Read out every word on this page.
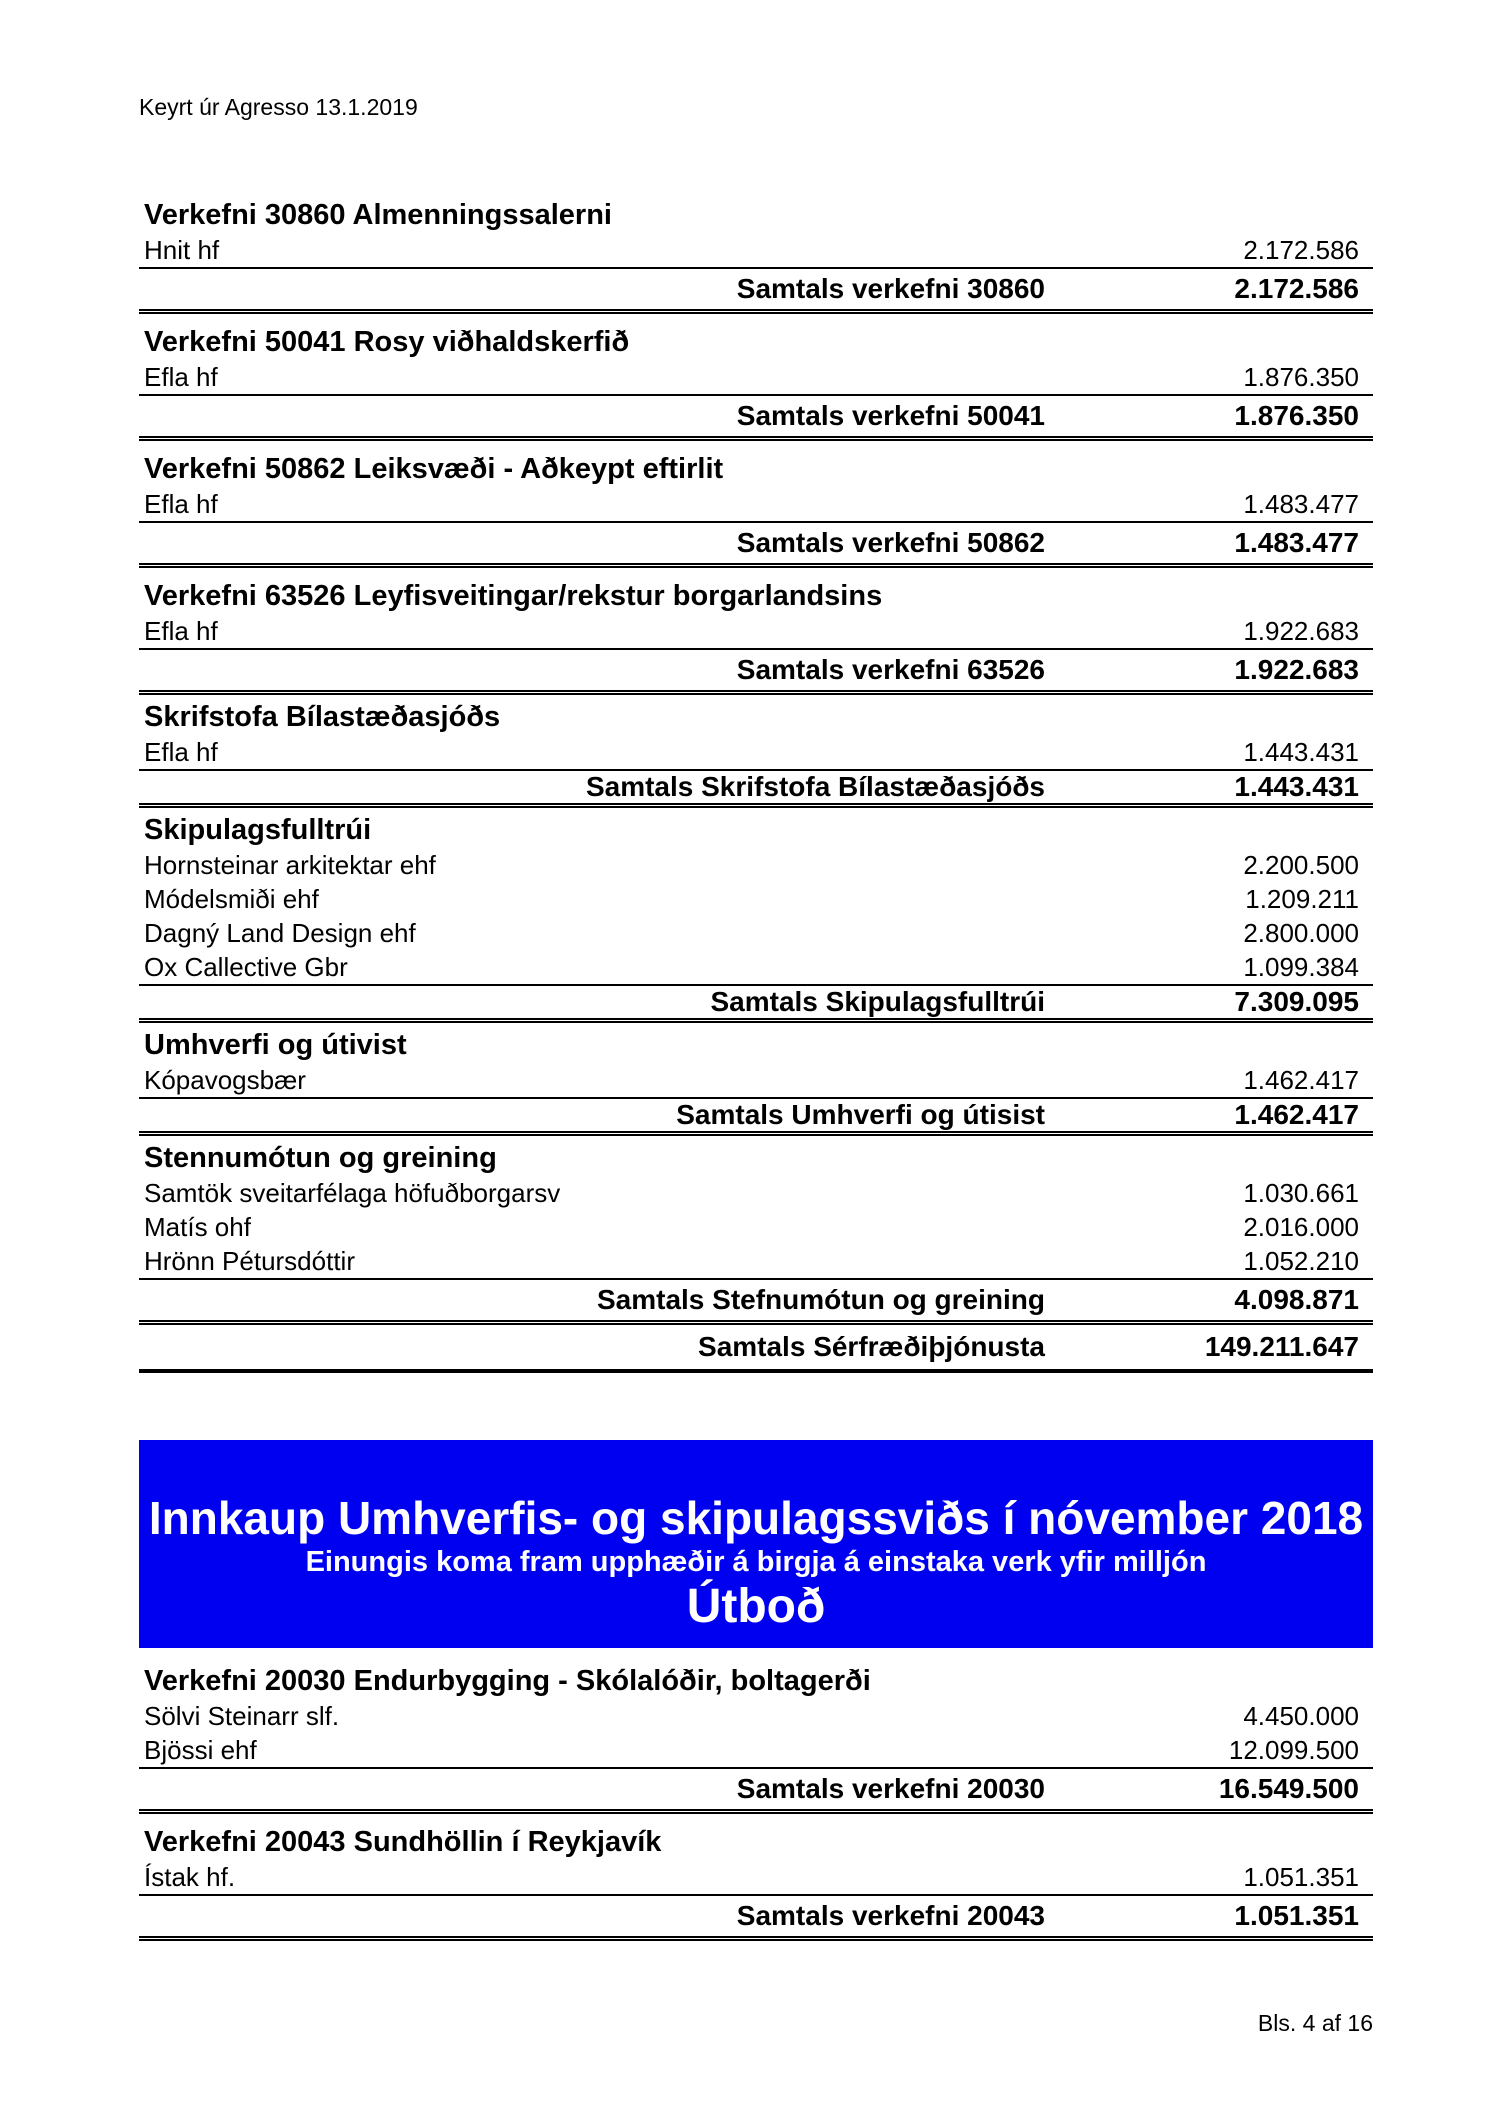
Keyrt úr Agresso 13.1.2019
Verkefni 30860 Almenningssalerni
Hnit hf	2.172.586
Samtals verkefni 30860	2.172.586
Verkefni 50041 Rosy viðhaldskerfið
Efla hf	1.876.350
Samtals verkefni 50041	1.876.350
Verkefni 50862 Leiksvæði - Aðkeypt eftirlit
Efla hf	1.483.477
Samtals verkefni 50862	1.483.477
Verkefni 63526 Leyfisveitingar/rekstur borgarlandsins
Efla hf	1.922.683
Samtals verkefni 63526	1.922.683
Skrifstofa Bílastæðasjóðs
Efla hf	1.443.431
Samtals Skrifstofa Bílastæðasjóðs	1.443.431
Skipulagsfulltrúi
Hornsteinar arkitektar ehf	2.200.500
Módelsmiði ehf	1.209.211
Dagný Land Design ehf	2.800.000
Ox Callective Gbr	1.099.384
Samtals Skipulagsfulltrúi	7.309.095
Umhverfi og útivist
Kópavogsbær	1.462.417
Samtals Umhverfi og útisist	1.462.417
Stennumótun og greining
Samtök sveitarfélaga höfuðborgarsv	1.030.661
Matís ohf	2.016.000
Hrönn Pétursdóttir	1.052.210
Samtals Stefnumótun og greining	4.098.871
Samtals Sérfræðiþjónusta	149.211.647
Innkaup Umhverfis- og skipulagssviðs í nóvember 2018
Einungis koma fram upphæðir á birgja á einstaka verk yfir milljón
Útboð
Verkefni 20030 Endurbygging - Skólalóðir, boltagerði
Sölvi Steinarr slf.	4.450.000
Bjössi ehf	12.099.500
Samtals verkefni 20030	16.549.500
Verkefni 20043 Sundhöllin í Reykjavík
Ístak hf.	1.051.351
Samtals verkefni 20043	1.051.351
Bls. 4 af 16
